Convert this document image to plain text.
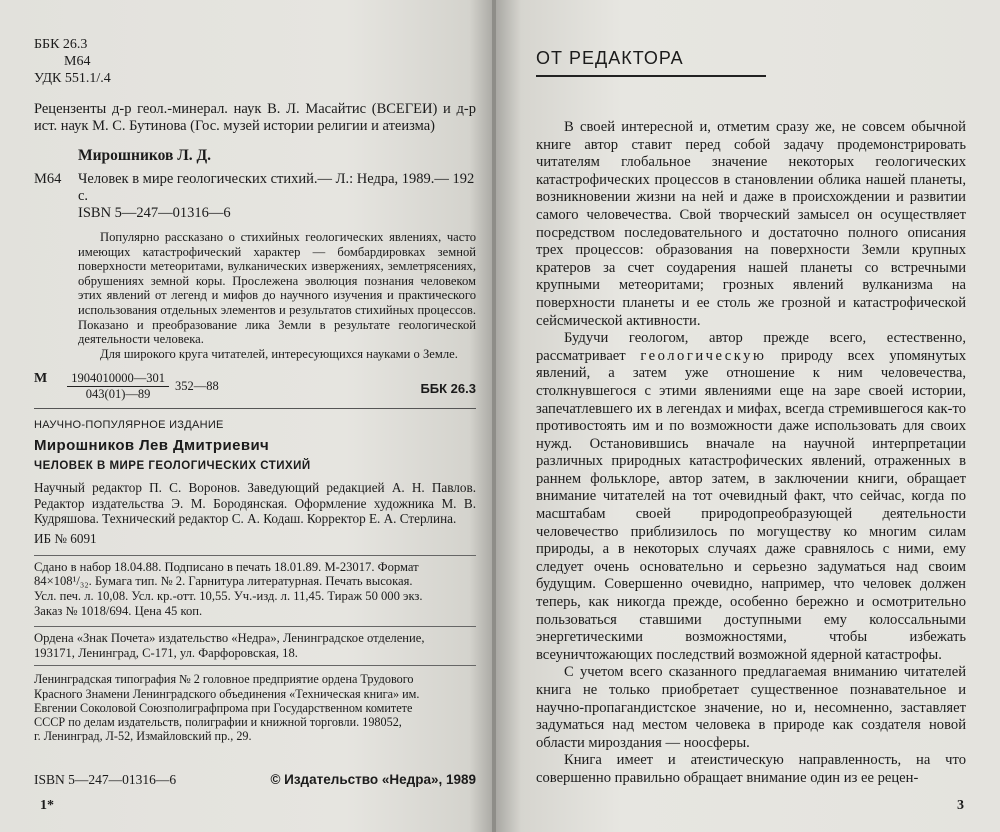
ББК 26.3
М64
УДК 551.1/.4

Рецензенты д-р геол.-минерал. наук В. Л. Масайтис (ВСЕГЕИ) и д-р ист. наук М. С. Бутинова (Гос. музей истории религии и атеизма)

Мирошников Л. Д.
М64	Человек в мире геологических стихий.— Л.: Недра, 1989.— 192 с.

ISBN 5—247—01316—6

Популярно рассказано о стихийных геологических явлениях, часто имеющих катастрофический характер — бомбардировках земной поверхности метеоритами, вулканических извержениях, землетрясениях, обрушениях земной коры. Прослежена эволюция познания человеком этих явлений от легенд и мифов до научного изучения и практического использования отдельных элементов и результатов стихийных процессов. Показано и преобразование лика Земли в результате геологической деятельности человека.

Для широкого круга читателей, интересующихся науками о Земле.

М $\frac{1904010000—301}{043(01)—89}$ 352—88	ББК 26.3
НАУЧНО-ПОПУЛЯРНОЕ ИЗДАНИЕ
Мирошников Лев Дмитриевич
ЧЕЛОВЕК В МИРЕ ГЕОЛОГИЧЕСКИХ СТИХИЙ

Научный редактор П. С. Воронов. Заведующий редакцией А. Н. Павлов. Редактор издательства Э. М. Бородянская. Оформление художника М. В. Кудряшова. Технический редактор С. А. Кодаш. Корректор Е. А. Стерлина.

ИБ № 6091
Сдано в набор 18.04.88. Подписано в печать 18.01.89. М-23017. Формат
84×108¹/₃₂. Бумага тип. № 2. Гарнитура литературная. Печать высокая.
Усл. печ. л. 10,08. Усл. кр.-отт. 10,55. Уч.-изд. л. 11,45. Тираж 50 000 экз.
Заказ № 1018/694. Цена 45 коп.
Ордена «Знак Почета» издательство «Недра», Ленинградское отделение,
193171, Ленинград, С-171, ул. Фарфоровская, 18.
Ленинградская типография № 2 головное предприятие ордена Трудового
Красного Знамени Ленинградского объединения «Техническая книга» им.
Евгении Соколовой Союзполиграфпрома при Государственном комитете
СССР по делам издательств, полиграфии и книжной торговли. 198052,
г. Ленинград, Л-52, Измайловский пр., 29.
ISBN 5—247—01316—6	© Издательство «Недра», 1989
1*
ОТ РЕДАКТОРА

В своей интересной и, отметим сразу же, не совсем обычной книге автор ставит перед собой задачу продемонстрировать читателям глобальное значение некоторых геологических катастрофических процессов в становлении облика нашей планеты, возникновении жизни на ней и даже в происхождении и развитии самого человечества. Свой творческий замысел он осуществляет посредством последовательного и достаточно полного описания трех процессов: образования на поверхности Земли крупных кратеров за счет соударения нашей планеты со встречными крупными метеоритами; грозных явлений вулканизма на поверхности планеты и ее столь же грозной и катастрофической сейсмической активности.

Будучи геологом, автор прежде всего, естественно, рассматривает геологическую природу всех упомянутых явлений, а затем уже отношение к ним человечества, столкнувшегося с этими явлениями еще на заре своей истории, запечатлевшего их в легендах и мифах, всегда стремившегося как-то противостоять им и по возможности даже использовать для своих нужд. Остановившись вначале на научной интерпретации различных природных катастрофических явлений, отраженных в раннем фольклоре, автор затем, в заключении книги, обращает внимание читателей на тот очевидный факт, что сейчас, когда по масштабам своей природопреобразующей деятельности человечество приблизилось по могуществу ко многим силам природы, а в некоторых случаях даже сравнялось с ними, ему следует очень основательно и серьезно задуматься над своим будущим. Совершенно очевидно, например, что человек должен теперь, как никогда прежде, особенно бережно и осмотрительно пользоваться ставшими доступными ему колоссальными энергетическими возможностями, чтобы избежать всеуничтожающих последствий возможной ядерной катастрофы.

С учетом всего сказанного предлагаемая вниманию читателей книга не только приобретает существенное познавательное и научно-пропагандистское значение, но и, несомненно, заставляет задуматься над местом человека в природе как создателя новой области мироздания — ноосферы.

Книга имеет и атеистическую направленность, на что совершенно правильно обращает внимание один из ее рецен-

3
